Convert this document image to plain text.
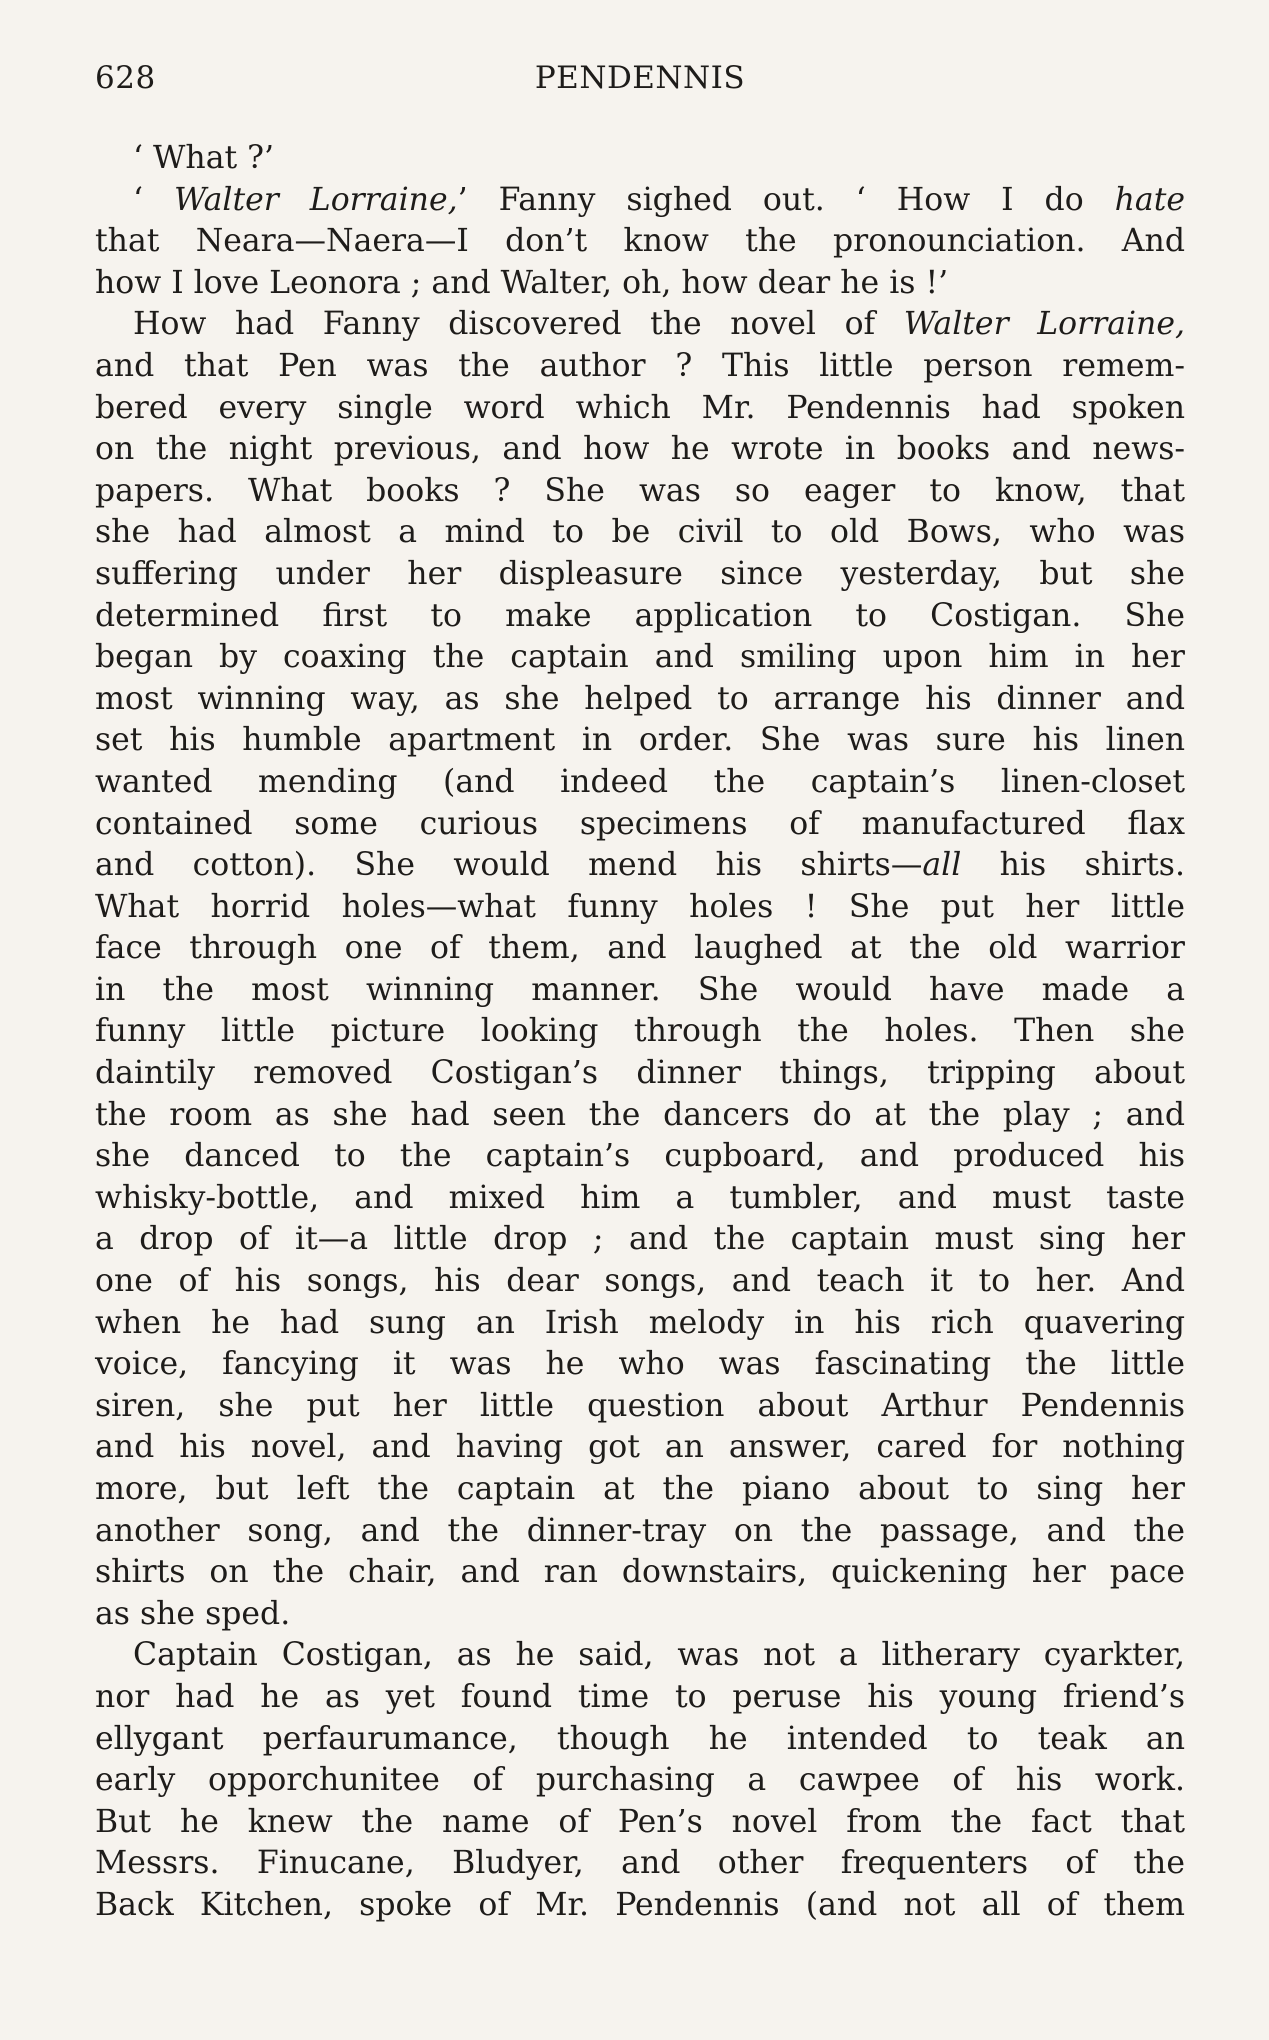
628	PENDENNIS
‘ What ?’
‘ Walter Lorraine,’ Fanny sighed out. ‘ How I do hate
that Neara—Naera—I don’t know the pronounciation. And
how I love Leonora ; and Walter, oh, how dear he is !’
How had Fanny discovered the novel of Walter Lorraine,
and that Pen was the author ? This little person remem-
bered every single word which Mr. Pendennis had spoken
on the night previous, and how he wrote in books and news-
papers. What books ? She was so eager to know, that
she had almost a mind to be civil to old Bows, who was
suffering under her displeasure since yesterday, but she
determined first to make application to Costigan. She
began by coaxing the captain and smiling upon him in her
most winning way, as she helped to arrange his dinner and
set his humble apartment in order. She was sure his linen
wanted mending (and indeed the captain’s linen-closet
contained some curious specimens of manufactured flax
and cotton). She would mend his shirts—all his shirts.
What horrid holes—what funny holes ! She put her little
face through one of them, and laughed at the old warrior
in the most winning manner. She would have made a
funny little picture looking through the holes. Then she
daintily removed Costigan’s dinner things, tripping about
the room as she had seen the dancers do at the play ; and
she danced to the captain’s cupboard, and produced his
whisky-bottle, and mixed him a tumbler, and must taste
a drop of it—a little drop ; and the captain must sing her
one of his songs, his dear songs, and teach it to her. And
when he had sung an Irish melody in his rich quavering
voice, fancying it was he who was fascinating the little
siren, she put her little question about Arthur Pendennis
and his novel, and having got an answer, cared for nothing
more, but left the captain at the piano about to sing her
another song, and the dinner-tray on the passage, and the
shirts on the chair, and ran downstairs, quickening her pace
as she sped.
Captain Costigan, as he said, was not a litherary cyarkter,
nor had he as yet found time to peruse his young friend’s
ellygant perfaurumance, though he intended to teak an
early opporchunitee of purchasing a cawpee of his work.
But he knew the name of Pen’s novel from the fact that
Messrs. Finucane, Bludyer, and other frequenters of the
Back Kitchen, spoke of Mr. Pendennis (and not all of them
